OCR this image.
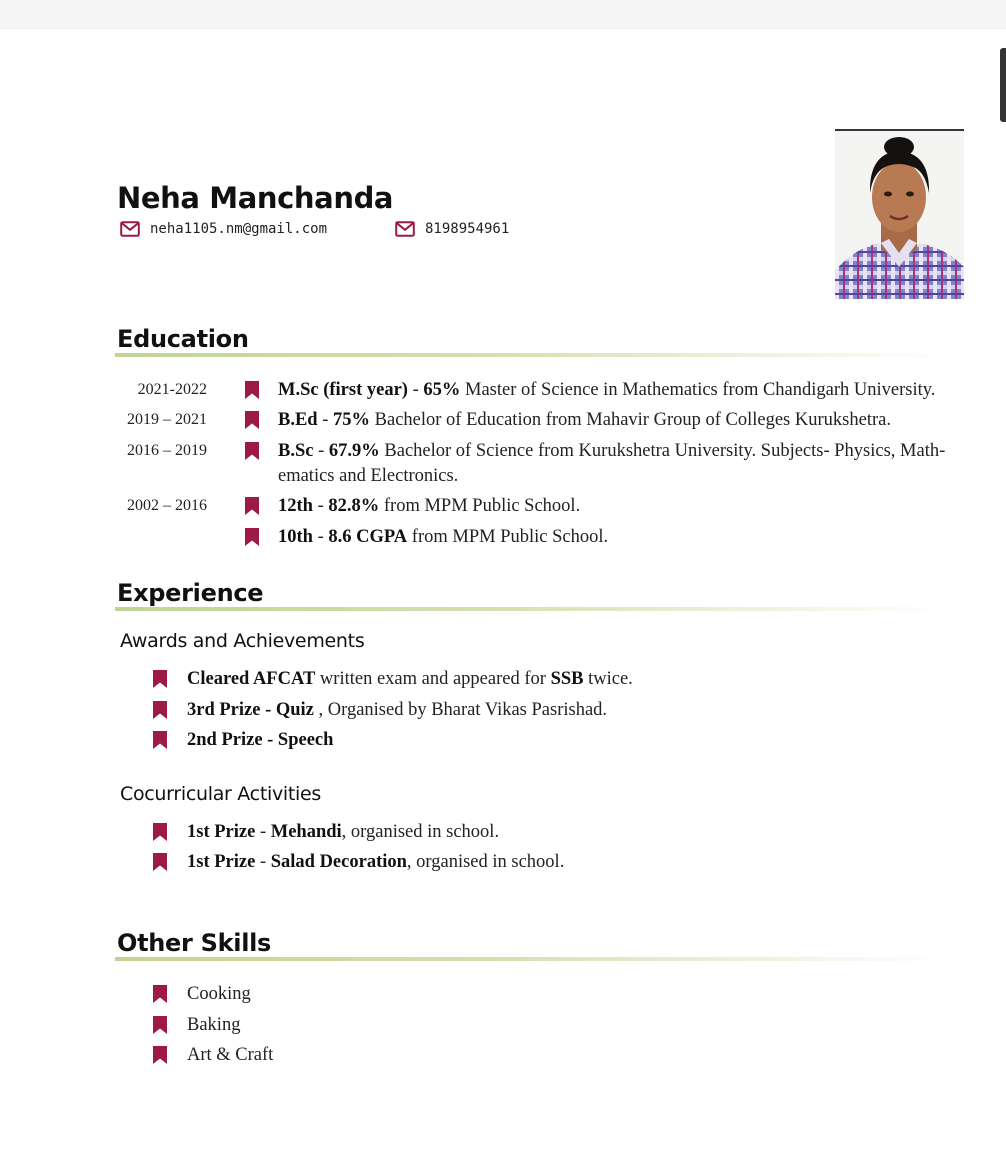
Neha Manchanda
neha1105.nm@gmail.com	8198954961
Education
2021-2022	M.Sc (first year) - 65% Master of Science in Mathematics from Chandigarh University.
2019 – 2021	B.Ed - 75% Bachelor of Education from Mahavir Group of Colleges Kurukshetra.
2016 – 2019	B.Sc - 67.9% Bachelor of Science from Kurukshetra University. Subjects- Physics, Math-
ematics and Electronics.
2002 – 2016	12th - 82.8% from MPM Public School.
10th - 8.6 CGPA from MPM Public School.
Experience
Awards and Achievements
Cleared AFCAT written exam and appeared for SSB twice.
3rd Prize - Quiz , Organised by Bharat Vikas Pasrishad.
2nd Prize - Speech
Cocurricular Activities
1st Prize - Mehandi, organised in school.
1st Prize - Salad Decoration, organised in school.
Other Skills
Cooking
Baking
Art & Craft
